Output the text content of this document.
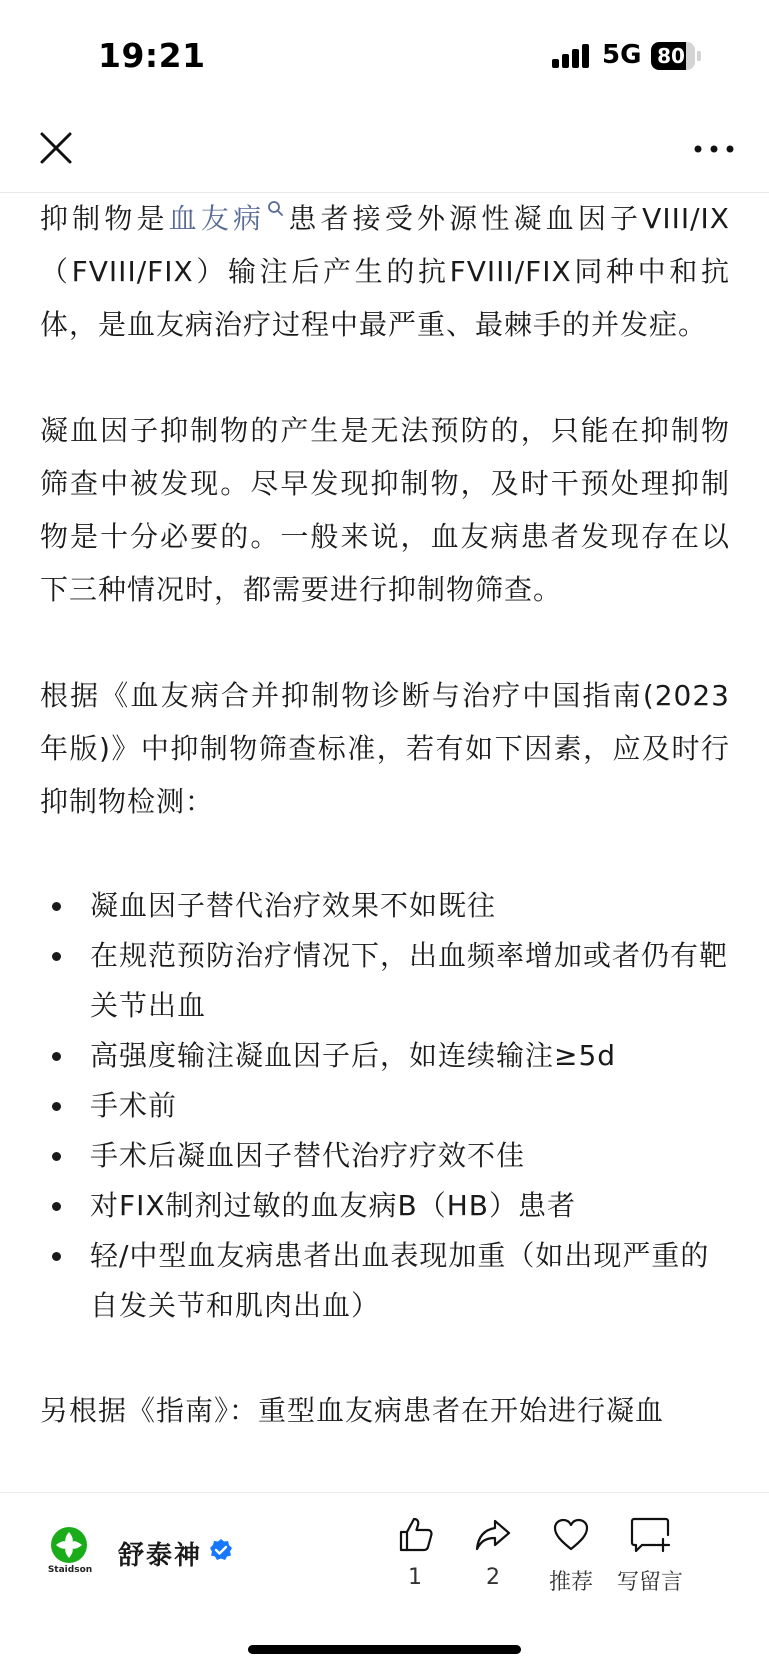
19:21	5G 80

抑制物是血友病 患者接受外源性凝血因子VIII/IX（FVIII/FIX）输注后产生的抗FVIII/FIX同种中和抗体，是血友病治疗过程中最严重、最棘手的并发症。

凝血因子抑制物的产生是无法预防的，只能在抑制物筛查中被发现。尽早发现抑制物，及时干预处理抑制物是十分必要的。一般来说，血友病患者发现存在以下三种情况时，都需要进行抑制物筛查。

根据《血友病合并抑制物诊断与治疗中国指南(2023年版)》中抑制物筛查标准，若有如下因素，应及时行抑制物检测：

凝血因子替代治疗效果不如既往
在规范预防治疗情况下，出血频率增加或者仍有靶关节出血
高强度输注凝血因子后，如连续输注≥5d
手术前
手术后凝血因子替代治疗疗效不佳
对FIX制剂过敏的血友病B（HB）患者
轻/中型血友病患者出血表现加重（如出现严重的自发关节和肌肉出血）

另根据《指南》：重型血友病患者在开始进行凝血

Staidson 舒泰神
1	2	推荐	写留言
